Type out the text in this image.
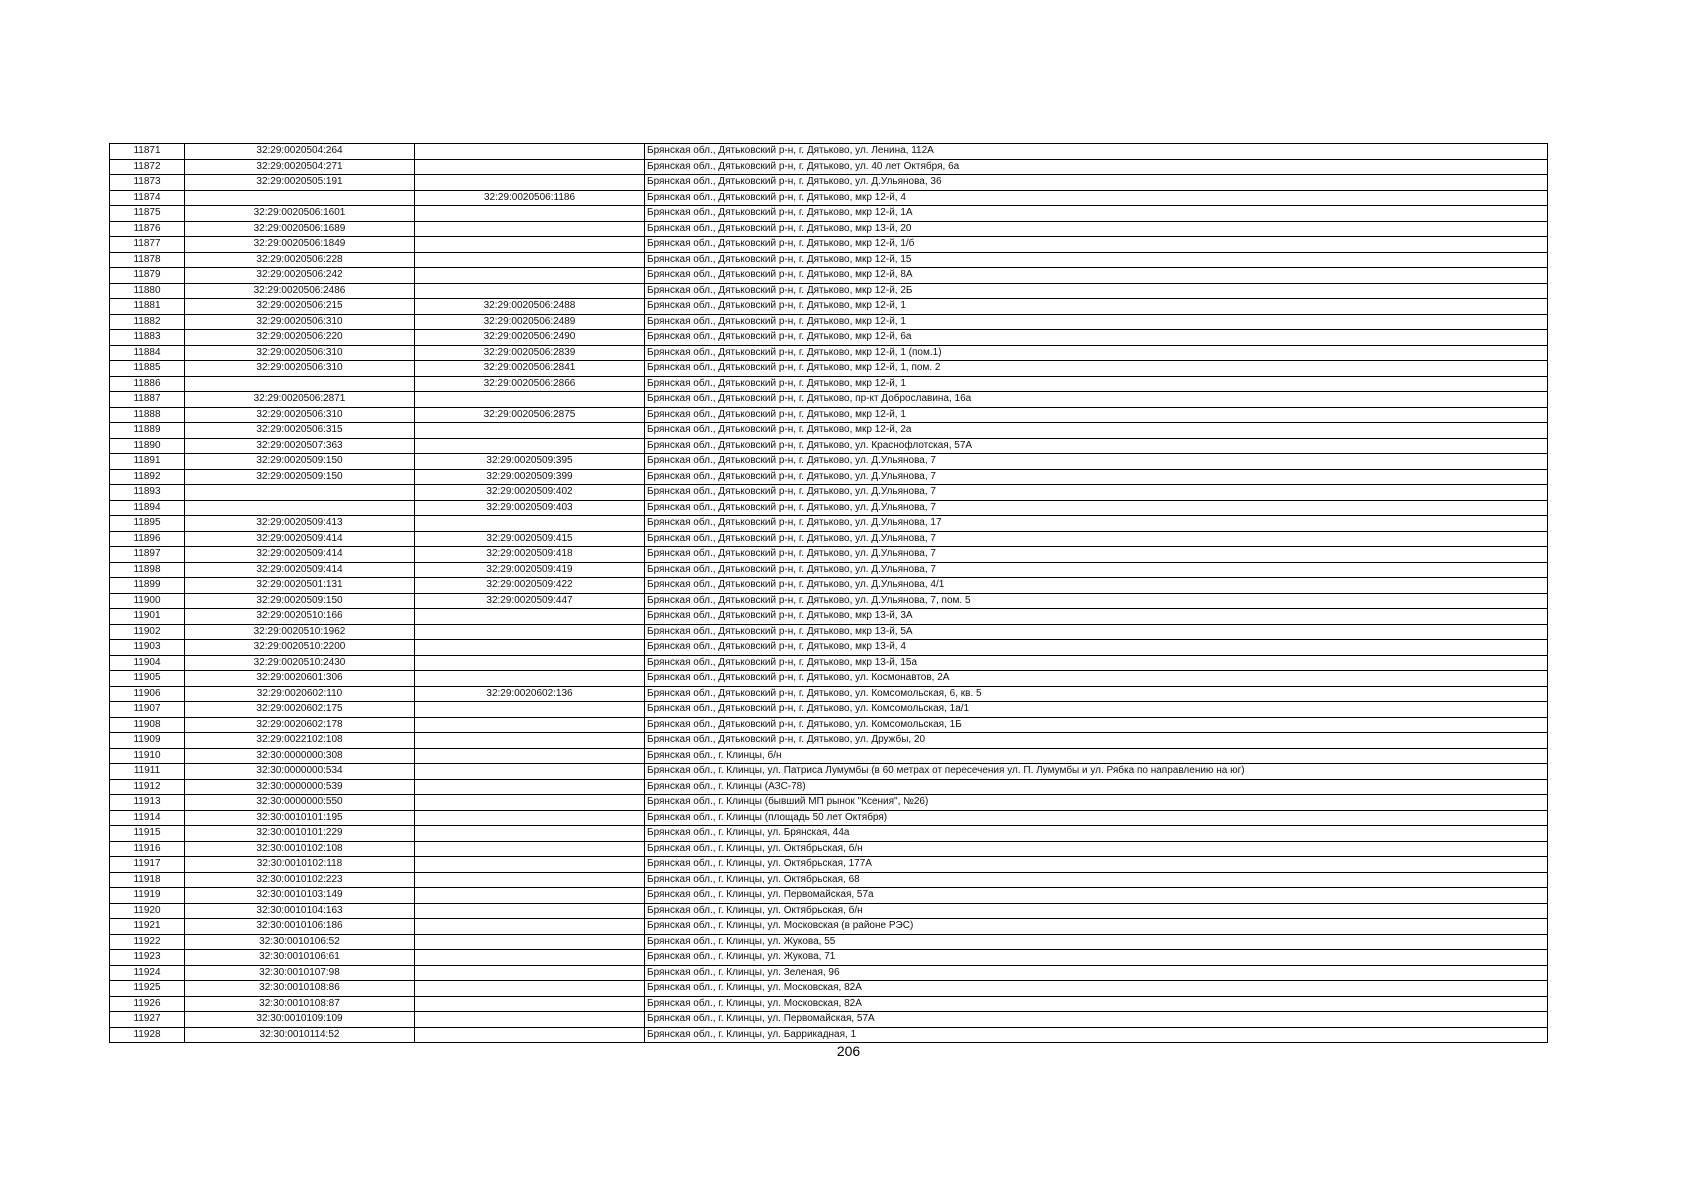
11871	32:29:0020504:264		Брянская обл., Дятьковский р-н, г. Дятьково, ул. Ленина, 112А
11872	32:29:0020504:271		Брянская обл., Дятьковский р-н, г. Дятьково, ул. 40 лет Октября, 6а
11873	32:29:0020505:191		Брянская обл., Дятьковский р-н, г. Дятьково, ул. Д.Ульянова, 36
11874		32:29:0020506:1186	Брянская обл., Дятьковский р-н, г. Дятьково, мкр 12-й, 4
11875	32:29:0020506:1601		Брянская обл., Дятьковский р-н, г. Дятьково, мкр 12-й, 1А
11876	32:29:0020506:1689		Брянская обл., Дятьковский р-н, г. Дятьково, мкр 13-й, 20
11877	32:29:0020506:1849		Брянская обл., Дятьковский р-н, г. Дятьково, мкр 12-й, 1/б
11878	32:29:0020506:228		Брянская обл., Дятьковский р-н, г. Дятьково, мкр 12-й, 15
11879	32:29:0020506:242		Брянская обл., Дятьковский р-н, г. Дятьково, мкр 12-й, 8А
11880	32:29:0020506:2486		Брянская обл., Дятьковский р-н, г. Дятьково, мкр 12-й, 2Б
11881	32:29:0020506:215	32:29:0020506:2488	Брянская обл., Дятьковский р-н, г. Дятьково, мкр 12-й, 1
11882	32:29:0020506:310	32:29:0020506:2489	Брянская обл., Дятьковский р-н, г. Дятьково, мкр 12-й, 1
11883	32:29:0020506:220	32:29:0020506:2490	Брянская обл., Дятьковский р-н, г. Дятьково, мкр 12-й, 6а
11884	32:29:0020506:310	32:29:0020506:2839	Брянская обл., Дятьковский р-н, г. Дятьково, мкр 12-й, 1 (пом.1)
11885	32:29:0020506:310	32:29:0020506:2841	Брянская обл., Дятьковский р-н, г. Дятьково, мкр 12-й, 1, пом. 2
11886		32:29:0020506:2866	Брянская обл., Дятьковский р-н, г. Дятьково, мкр 12-й, 1
11887	32:29:0020506:2871		Брянская обл., Дятьковский р-н, г. Дятьково, пр-кт Доброславина, 16а
11888	32:29:0020506:310	32:29:0020506:2875	Брянская обл., Дятьковский р-н, г. Дятьково, мкр 12-й, 1
11889	32:29:0020506:315		Брянская обл., Дятьковский р-н, г. Дятьково, мкр 12-й, 2а
11890	32:29:0020507:363		Брянская обл., Дятьковский р-н, г. Дятьково, ул. Краснофлотская, 57А
11891	32:29:0020509:150	32:29:0020509:395	Брянская обл., Дятьковский р-н, г. Дятьково, ул. Д.Ульянова, 7
11892	32:29:0020509:150	32:29:0020509:399	Брянская обл., Дятьковский р-н, г. Дятьково, ул. Д.Ульянова, 7
11893		32:29:0020509:402	Брянская обл., Дятьковский р-н, г. Дятьково, ул. Д.Ульянова, 7
11894		32:29:0020509:403	Брянская обл., Дятьковский р-н, г. Дятьково, ул. Д.Ульянова, 7
11895	32:29:0020509:413		Брянская обл., Дятьковский р-н, г. Дятьково, ул. Д.Ульянова, 17
11896	32:29:0020509:414	32:29:0020509:415	Брянская обл., Дятьковский р-н, г. Дятьково, ул. Д.Ульянова, 7
11897	32:29:0020509:414	32:29:0020509:418	Брянская обл., Дятьковский р-н, г. Дятьково, ул. Д.Ульянова, 7
11898	32:29:0020509:414	32:29:0020509:419	Брянская обл., Дятьковский р-н, г. Дятьково, ул. Д.Ульянова, 7
11899	32:29:0020501:131	32:29:0020509:422	Брянская обл., Дятьковский р-н, г. Дятьково, ул. Д.Ульянова, 4/1
11900	32:29:0020509:150	32:29:0020509:447	Брянская обл., Дятьковский р-н, г. Дятьково, ул. Д.Ульянова, 7, пом. 5
11901	32:29:0020510:166		Брянская обл., Дятьковский р-н, г. Дятьково, мкр 13-й, 3А
11902	32:29:0020510:1962		Брянская обл., Дятьковский р-н, г. Дятьково, мкр 13-й, 5А
11903	32:29:0020510:2200		Брянская обл., Дятьковский р-н, г. Дятьково, мкр 13-й, 4
11904	32:29:0020510:2430		Брянская обл., Дятьковский р-н, г. Дятьково, мкр 13-й, 15а
11905	32:29:0020601:306		Брянская обл., Дятьковский р-н, г. Дятьково, ул. Космонавтов, 2А
11906	32:29:0020602:110	32:29:0020602:136	Брянская обл., Дятьковский р-н, г. Дятьково, ул. Комсомольская, 6, кв. 5
11907	32:29:0020602:175		Брянская обл., Дятьковский р-н, г. Дятьково, ул. Комсомольская, 1а/1
11908	32:29:0020602:178		Брянская обл., Дятьковский р-н, г. Дятьково, ул. Комсомольская, 1Б
11909	32:29:0022102:108		Брянская обл., Дятьковский р-н, г. Дятьково, ул. Дружбы, 20
11910	32:30:0000000:308		Брянская обл., г. Клинцы, б/н
11911	32:30:0000000:534		Брянская обл., г. Клинцы, ул. Патриса Лумумбы (в 60 метрах от пересечения ул. П. Лумумбы и ул. Рябка по направлению на юг)
11912	32:30:0000000:539		Брянская обл., г. Клинцы (АЗС-78)
11913	32:30:0000000:550		Брянская обл., г. Клинцы (бывший МП рынок "Ксения", №26)
11914	32:30:0010101:195		Брянская обл., г. Клинцы (площадь 50 лет Октября)
11915	32:30:0010101:229		Брянская обл., г. Клинцы, ул. Брянская, 44а
11916	32:30:0010102:108		Брянская обл., г. Клинцы, ул. Октябрьская, б/н
11917	32:30:0010102:118		Брянская обл., г. Клинцы, ул. Октябрьская, 177А
11918	32:30:0010102:223		Брянская обл., г. Клинцы, ул. Октябрьская, 68
11919	32:30:0010103:149		Брянская обл., г. Клинцы, ул. Первомайская, 57а
11920	32:30:0010104:163		Брянская обл., г. Клинцы, ул. Октябрьская, б/н
11921	32:30:0010106:186		Брянская обл., г. Клинцы, ул. Московская (в районе РЭС)
11922	32:30:0010106:52		Брянская обл., г. Клинцы, ул. Жукова, 55
11923	32:30:0010106:61		Брянская обл., г. Клинцы, ул. Жукова, 71
11924	32:30:0010107:98		Брянская обл., г. Клинцы, ул. Зеленая, 96
11925	32:30:0010108:86		Брянская обл., г. Клинцы, ул. Московская, 82А
11926	32:30:0010108:87		Брянская обл., г. Клинцы, ул. Московская, 82А
11927	32:30:0010109:109		Брянская обл., г. Клинцы, ул. Первомайская, 57А
11928	32:30:0010114:52		Брянская обл., г. Клинцы, ул. Баррикадная, 1
206
